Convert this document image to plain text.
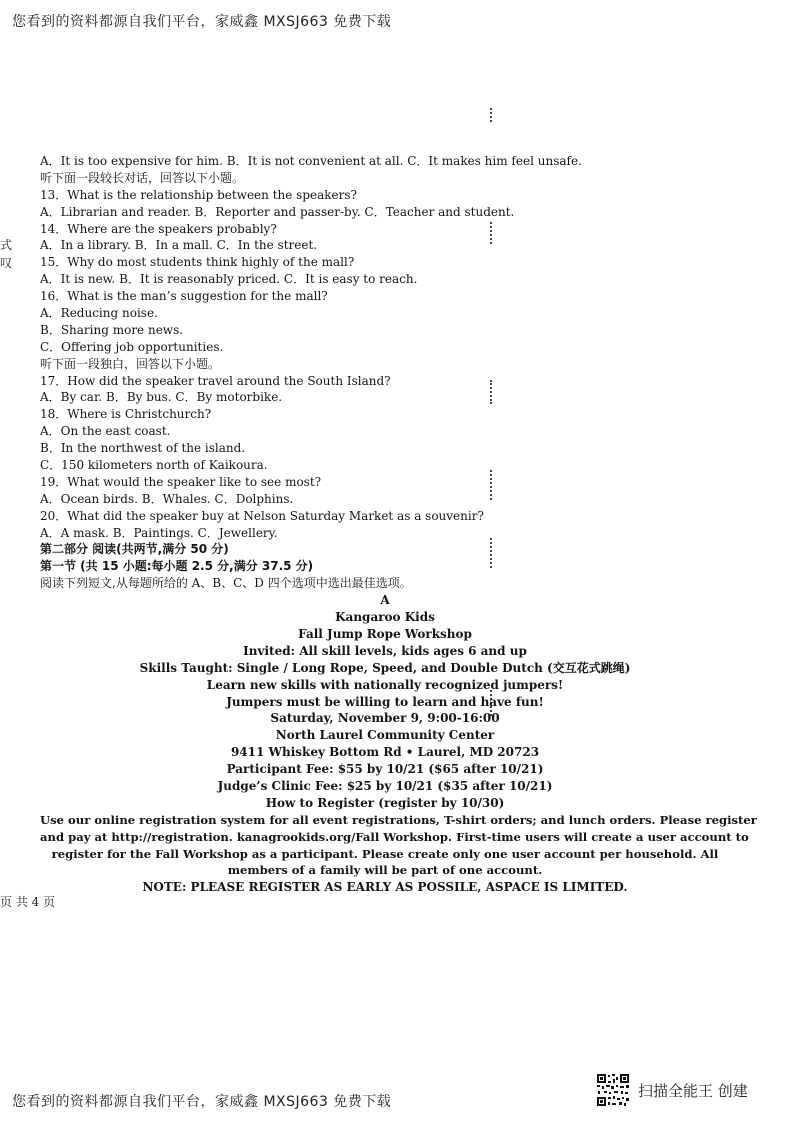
您看到的资料都源自我们平台，家威鑫 MXSJ663 免费下载
式
叹
A．It is too expensive for him. B．It is not convenient at all. C．It makes him feel unsafe.
听下面一段较长对话，回答以下小题。
13．What is the relationship between the speakers?
A．Librarian and reader. B．Reporter and passer-by. C．Teacher and student.
14．Where are the speakers probably?
A．In a library. B．In a mall. C．In the street.
15．Why do most students think highly of the mall?
A．It is new. B．It is reasonably priced. C．It is easy to reach.
16．What is the man’s suggestion for the mall?
A．Reducing noise.
B．Sharing more news.
C．Offering job opportunities.
听下面一段独白，回答以下小题。
17．How did the speaker travel around the South Island?
A．By car. B．By bus. C．By motorbike.
18．Where is Christchurch?
A．On the east coast.
B．In the northwest of the island.
C．150 kilometers north of Kaikoura.
19．What would the speaker like to see most?
A．Ocean birds. B．Whales. C．Dolphins.
20．What did the speaker buy at Nelson Saturday Market as a souvenir?
A．A mask. B．Paintings. C．Jewellery.
第二部分 阅读(共两节,满分 50 分)
第一节 (共 15 小题:每小题 2.5 分,满分 37.5 分)
阅读下列短文,从每题所给的 A、B、C、D 四个选项中选出最佳选项。
A
Kangaroo Kids
Fall Jump Rope Workshop
Invited: All skill levels, kids ages 6 and up
Skills Taught: Single / Long Rope, Speed, and Double Dutch (交互花式跳绳)
Learn new skills with nationally recognized jumpers!
Jumpers must be willing to learn and have fun!
Saturday, November 9, 9:00-16:00
North Laurel Community Center
9411 Whiskey Bottom Rd • Laurel, MD 20723
Participant Fee: $55 by 10/21 ($65 after 10/21)
Judge’s Clinic Fee: $25 by 10/21 ($35 after 10/21)
How to Register (register by 10/30)
Use our online registration system for all event registrations, T-shirt orders; and lunch orders. Please register
and pay at http://registration. kanagrookids.org/Fall Workshop. First-time users will create a user account to
register for the Fall Workshop as a participant. Please create only one user account per household. All
members of a family will be part of one account.
NOTE: PLEASE REGISTER AS EARLY AS POSSILE, ASPACE IS LIMITED.
页 共 4 页
您看到的资料都源自我们平台，家威鑫 MXSJ663 免费下载
扫描全能王 创建
